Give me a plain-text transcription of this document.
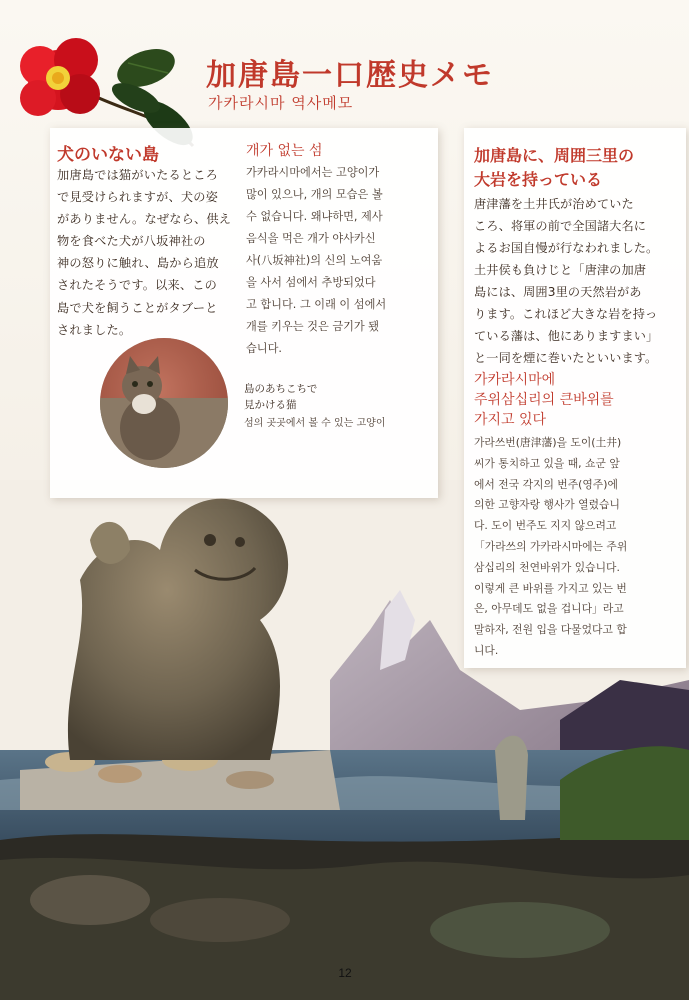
加唐島一口歴史メモ
가카라시마 역사메모
犬のいない島
加唐島では猫がいたるところ
で見受けられますが、犬の姿
がありません。なぜなら、供え
物を食べた犬が八坂神社の
神の怒りに触れ、島から追放
されたそうです。以来、この
島で犬を飼うことがタブーと
されました。
개가 없는 섬
가카라시마에서는 고양이가
많이 있으나, 개의 모습은 볼
수 없습니다. 왜냐하면, 제사
음식을 먹은 개가 야사카신
사(八坂神社)의 신의 노여움
을 사서 섬에서 추방되었다
고 합니다. 그 이래 이 섬에서
개를 키우는 것은 금기가 됐
습니다.
島のあちこちで
見かける猫
섬의 곳곳에서 볼 수 있는 고양이
加唐島に、周囲三里の
大岩を持っている
唐津藩を土井氏が治めていた
ころ、将軍の前で全国諸大名に
よるお国自慢が行なわれました。
土井侯も負けじと「唐津の加唐
島には、周囲3里の天然岩があ
ります。これほど大きな岩を持っ
ている藩は、他にありますまい」
と一同を煙に巻いたといいます。
가카라시마에
주위삼십리의 큰바위를
가지고 있다
가라쓰번(唐津藩)을 도이(土井)
씨가 통치하고 있을 때, 쇼군 앞
에서 전국 각지의 번주(영주)에
의한 고향자랑 행사가 열렸습니
다. 도이 번주도 지지 않으려고
「가라쓰의 가카라시마에는 주위
삼십리의 천연바위가 있습니다.
이렇게 큰 바위를 가지고 있는 번
은, 아무데도 없을 겁니다」라고
말하자, 전원 입을 다물었다고 합
니다.
12
